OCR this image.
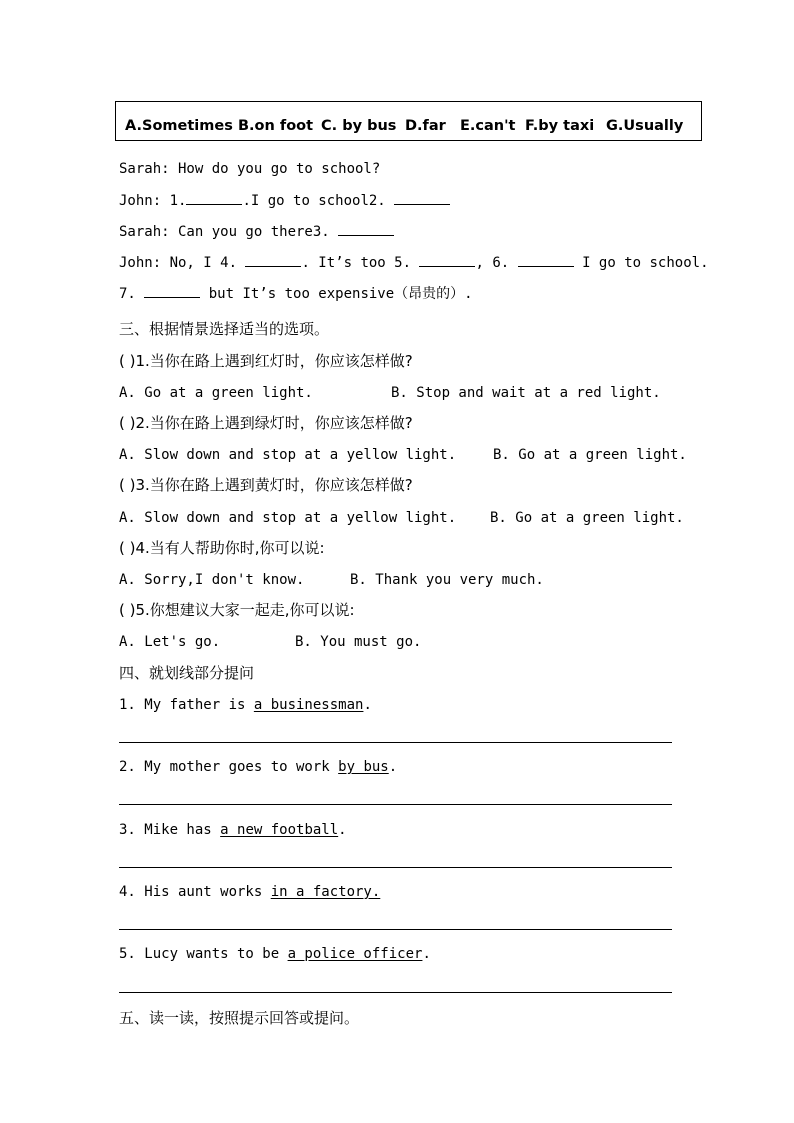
A.Sometimes B.on foot C. by bus D.far E.can't F.by taxi G.Usually
Sarah: How do you go to school?
John: 1.	.I go to school2.
Sarah: Can you go there3.
John: No, I 4.	. It’s too 5.	, 6.	I go to school.
7.	but It’s too expensive（昂贵的）.
三、根据情景选择适当的选项。
( )1.当你在路上遇到红灯时，你应该怎样做?
A. Go at a green light.	B. Stop and wait at a red light.
( )2.当你在路上遇到绿灯时，你应该怎样做?
A. Slow down and stop at a yellow light.	B. Go at a green light.
( )3.当你在路上遇到黄灯时，你应该怎样做?
A. Slow down and stop at a yellow light. B. Go at a green light.
( )4.当有人帮助你时,你可以说:
A. Sorry,I don't know.	B. Thank you very much.
( )5.你想建议大家一起走,你可以说:
A. Let's go.	B. You must go.
四、就划线部分提问
1. My father is a businessman.
2. My mother goes to work by bus.
3. Mike has a new football.
4. His aunt works in a factory.
5. Lucy wants to be a police officer.
五、读一读，按照提示回答或提问。
